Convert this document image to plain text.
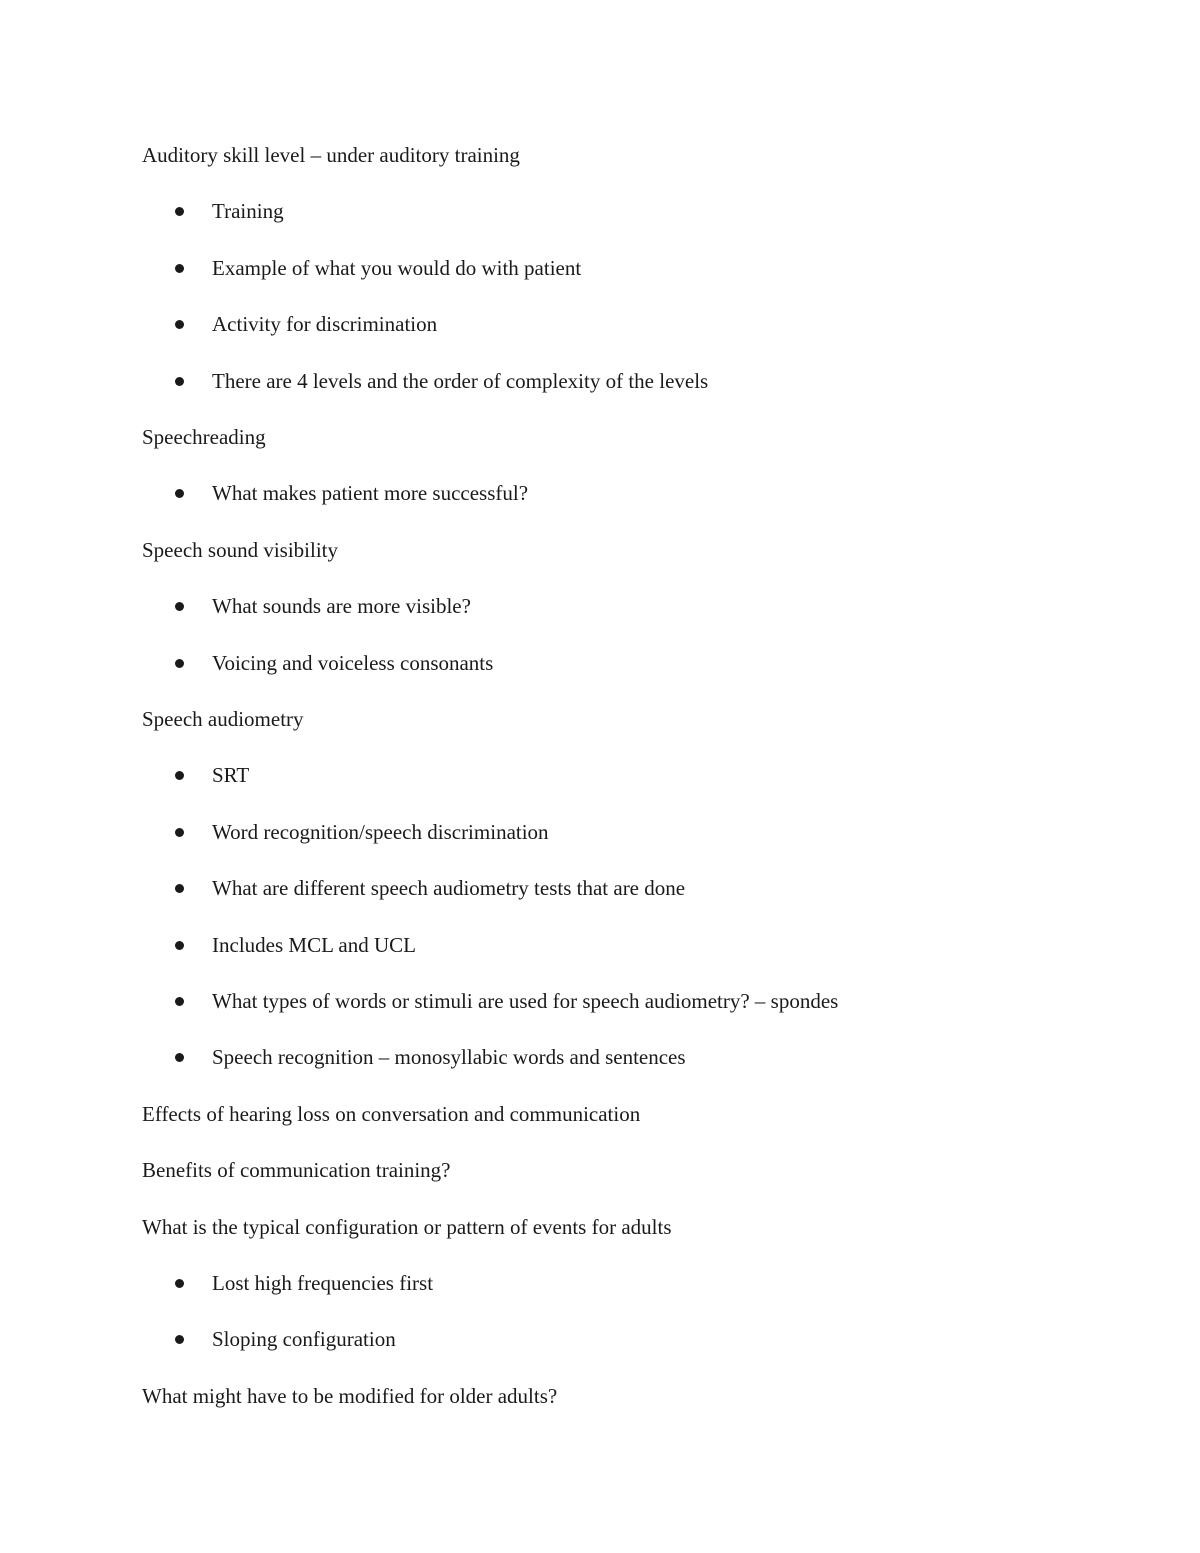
Auditory skill level – under auditory training
Training
Example of what you would do with patient
Activity for discrimination
There are 4 levels and the order of complexity of the levels
Speechreading
What makes patient more successful?
Speech sound visibility
What sounds are more visible?
Voicing and voiceless consonants
Speech audiometry
SRT
Word recognition/speech discrimination
What are different speech audiometry tests that are done
Includes MCL and UCL
What types of words or stimuli are used for speech audiometry? – spondes
Speech recognition – monosyllabic words and sentences
Effects of hearing loss on conversation and communication
Benefits of communication training?
What is the typical configuration or pattern of events for adults
Lost high frequencies first
Sloping configuration
What might have to be modified for older adults?
